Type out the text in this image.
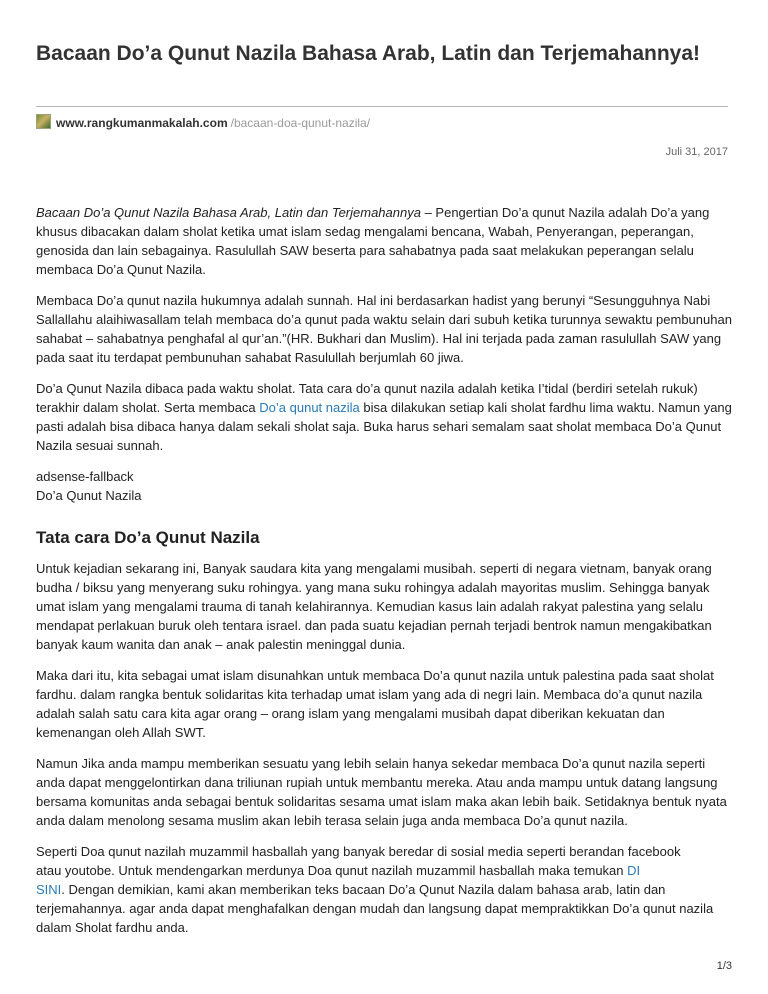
Bacaan Do’a Qunut Nazila Bahasa Arab, Latin dan Terjemahannya!
www.rangkumanmakalah.com /bacaan-doa-qunut-nazila/
Juli 31, 2017

Bacaan Do’a Qunut Nazila Bahasa Arab, Latin dan Terjemahannya – Pengertian Do’a qunut Nazila adalah Do’a yang khusus dibacakan dalam sholat ketika umat islam sedag mengalami bencana, Wabah, Penyerangan, peperangan, genosida dan lain sebagainya. Rasulullah SAW beserta para sahabatnya pada saat melakukan peperangan selalu membaca Do’a Qunut Nazila.

Membaca Do’a qunut nazila hukumnya adalah sunnah. Hal ini berdasarkan hadist yang berunyi “Sesungguhnya Nabi Sallallahu alaihiwasallam telah membaca do’a qunut pada waktu selain dari subuh ketika turunnya sewaktu pembunuhan sahabat – sahabatnya penghafal al qur’an.”(HR. Bukhari dan Muslim). Hal ini terjada pada zaman rasulullah SAW yang pada saat itu terdapat pembunuhan sahabat Rasulullah berjumlah 60 jiwa.

Do’a Qunut Nazila dibaca pada waktu sholat. Tata cara do’a qunut nazila adalah ketika I’tidal (berdiri setelah rukuk) terakhir dalam sholat. Serta membaca Do’a qunut nazila bisa dilakukan setiap kali sholat fardhu lima waktu. Namun yang pasti adalah bisa dibaca hanya dalam sekali sholat saja. Buka harus sehari semalam saat sholat membaca Do’a Qunut Nazila sesuai sunnah.

adsense-fallback

Do’a Qunut Nazila

Tata cara Do’a Qunut Nazila

Untuk kejadian sekarang ini, Banyak saudara kita yang mengalami musibah. seperti di negara vietnam, banyak orang budha / biksu yang menyerang suku rohingya. yang mana suku rohingya adalah mayoritas muslim. Sehingga banyak umat islam yang mengalami trauma di tanah kelahirannya. Kemudian kasus lain adalah rakyat palestina yang selalu mendapat perlakuan buruk oleh tentara israel. dan pada suatu kejadian pernah terjadi bentrok namun mengakibatkan banyak kaum wanita dan anak – anak palestin meninggal dunia.

Maka dari itu, kita sebagai umat islam disunahkan untuk membaca Do’a qunut nazila untuk palestina pada saat sholat fardhu. dalam rangka bentuk solidaritas kita terhadap umat islam yang ada di negri lain. Membaca do’a qunut nazila adalah salah satu cara kita agar orang – orang islam yang mengalami musibah dapat diberikan kekuatan dan kemenangan oleh Allah SWT.

Namun Jika anda mampu memberikan sesuatu yang lebih selain hanya sekedar membaca Do’a qunut nazila seperti anda dapat menggelontirkan dana triliunan rupiah untuk membantu mereka. Atau anda mampu untuk datang langsung bersama komunitas anda sebagai bentuk solidaritas sesama umat islam maka akan lebih baik. Setidaknya bentuk nyata anda dalam menolong sesama muslim akan lebih terasa selain juga anda membaca Do’a qunut nazila.

Seperti Doa qunut nazilah muzammil hasballah yang banyak beredar di sosial media seperti berandan facebook
atau youtobe. Untuk mendengarkan merdunya Doa qunut nazilah muzammil hasballah maka temukan DI
SINI. Dengan demikian, kami akan memberikan teks bacaan Do’a Qunut Nazila dalam bahasa arab, latin dan terjemahannya. agar anda dapat menghafalkan dengan mudah dan langsung dapat mempraktikkan Do’a qunut nazila dalam Sholat fardhu anda.

1/3
